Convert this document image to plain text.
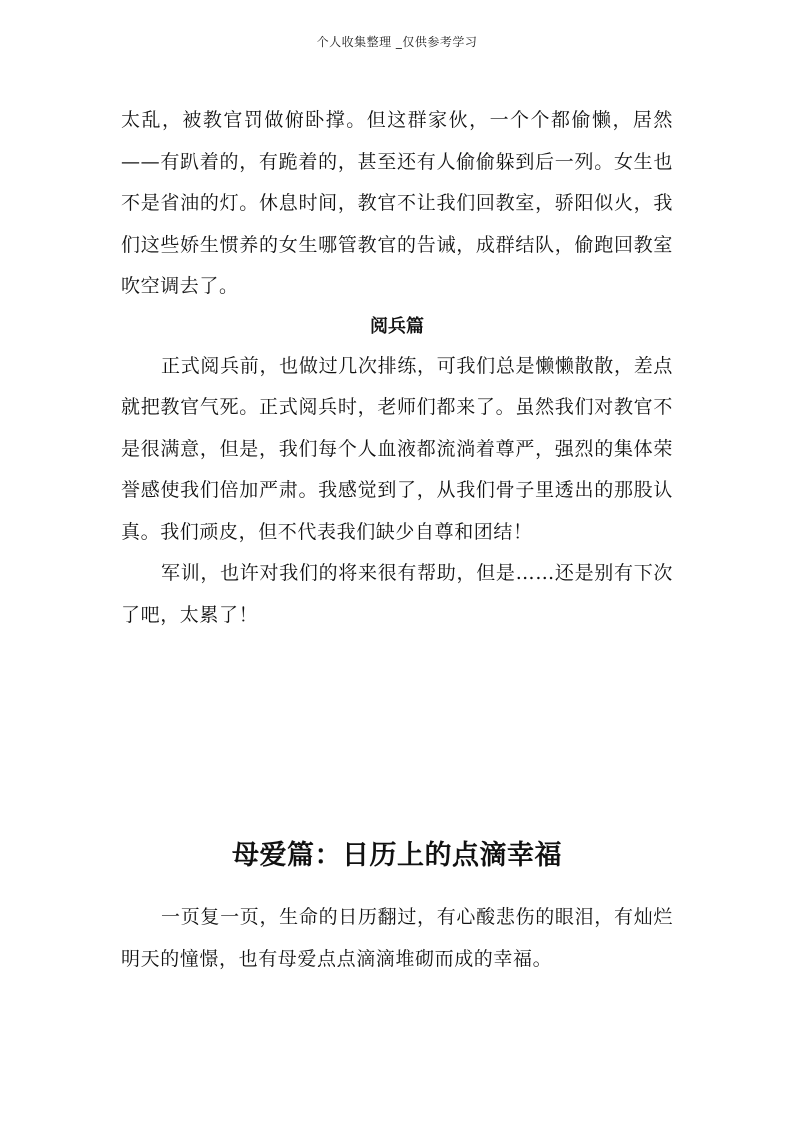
个人收集整理 _仅供参考学习

太乱，被教官罚做俯卧撑。但这群家伙，一个个都偷懒，居然——有趴着的，有跪着的，甚至还有人偷偷躲到后一列。女生也不是省油的灯。休息时间，教官不让我们回教室，骄阳似火，我们这些娇生惯养的女生哪管教官的告诫，成群结队，偷跑回教室吹空调去了。

阅兵篇

正式阅兵前，也做过几次排练，可我们总是懒懒散散，差点就把教官气死。正式阅兵时，老师们都来了。虽然我们对教官不是很满意，但是，我们每个人血液都流淌着尊严，强烈的集体荣誉感使我们倍加严肃。我感觉到了，从我们骨子里透出的那股认真。我们顽皮，但不代表我们缺少自尊和团结！

军训，也许对我们的将来很有帮助，但是……还是别有下次了吧，太累了！

母爱篇：日历上的点滴幸福

一页复一页，生命的日历翻过，有心酸悲伤的眼泪，有灿烂明天的憧憬，也有母爱点点滴滴堆砌而成的幸福。
